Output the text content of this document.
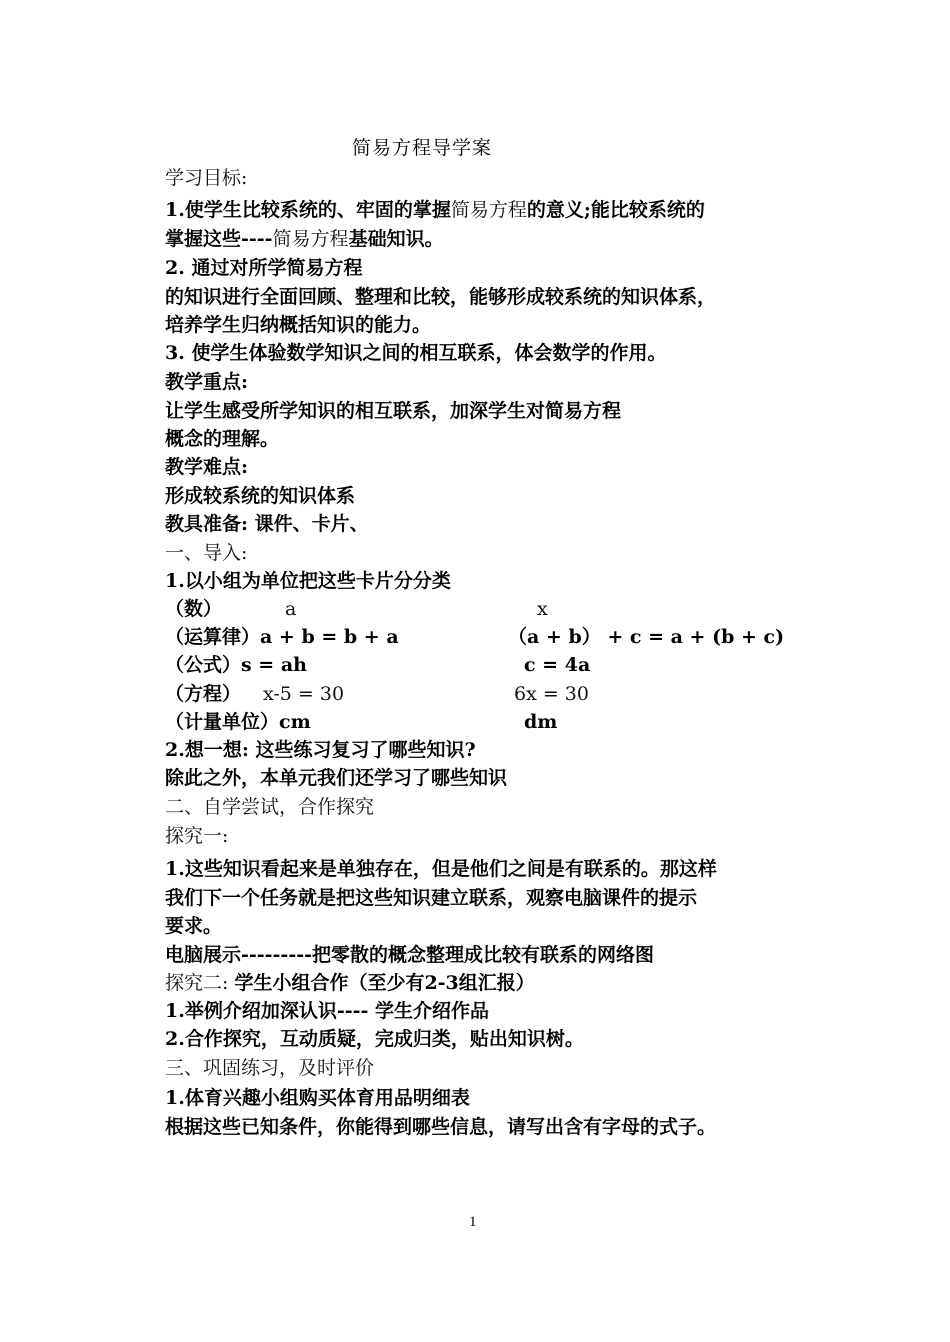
简易方程导学案
学习目标:
1.使学生比较系统的、牢固的掌握简易方程的意义;能比较系统的
掌握这些----简易方程基础知识。
2. 通过对所学简易方程
的知识进行全面回顾、整理和比较，能够形成较系统的知识体系，
培养学生归纳概括知识的能力。
3. 使学生体验数学知识之间的相互联系，体会数学的作用。
教学重点:
让学生感受所学知识的相互联系，加深学生对简易方程
概念的理解。
教学难点:
形成较系统的知识体系
教具准备: 课件、卡片、
一、导入:
1.以小组为单位把这些卡片分分类
（数）	a	x
（运算律）a + b = b + a	（a + b） + c = a + (b + c)
（公式）s = ah	c = 4a
（方程） x-5 = 30	6x = 30
（计量单位）cm	dm
2.想一想: 这些练习复习了哪些知识?
除此之外，本单元我们还学习了哪些知识
二、自学尝试，合作探究
探究一:
1.这些知识看起来是单独存在，但是他们之间是有联系的。那这样
我们下一个任务就是把这些知识建立联系，观察电脑课件的提示
要求。
电脑展示---------把零散的概念整理成比较有联系的网络图
探究二: 学生小组合作（至少有2-3组汇报）
1.举例介绍加深认识---- 学生介绍作品
2.合作探究，互动质疑，完成归类，贴出知识树。
三、巩固练习，及时评价
1.体育兴趣小组购买体育用品明细表
根据这些已知条件，你能得到哪些信息，请写出含有字母的式子。
1
